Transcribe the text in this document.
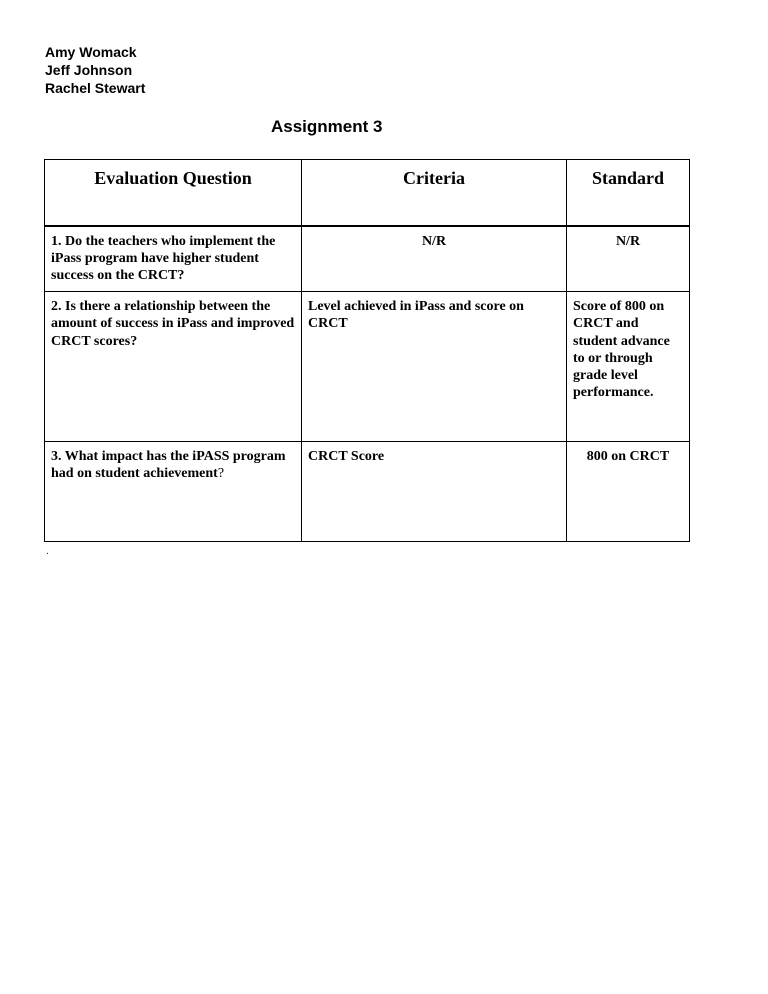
Amy Womack
Jeff Johnson
Rachel Stewart
Assignment 3
Evaluation Question	Criteria	Standard
1. Do the teachers who implement the iPass program have higher student success on the CRCT?	N/R	N/R
2. Is there a relationship between the amount of success in iPass and improved CRCT scores?	Level achieved in iPass and score on CRCT	Score of 800 on CRCT and student advance to or through grade level performance.
3. What impact has the iPASS program had on student achievement?	CRCT Score	800 on CRCT
.
